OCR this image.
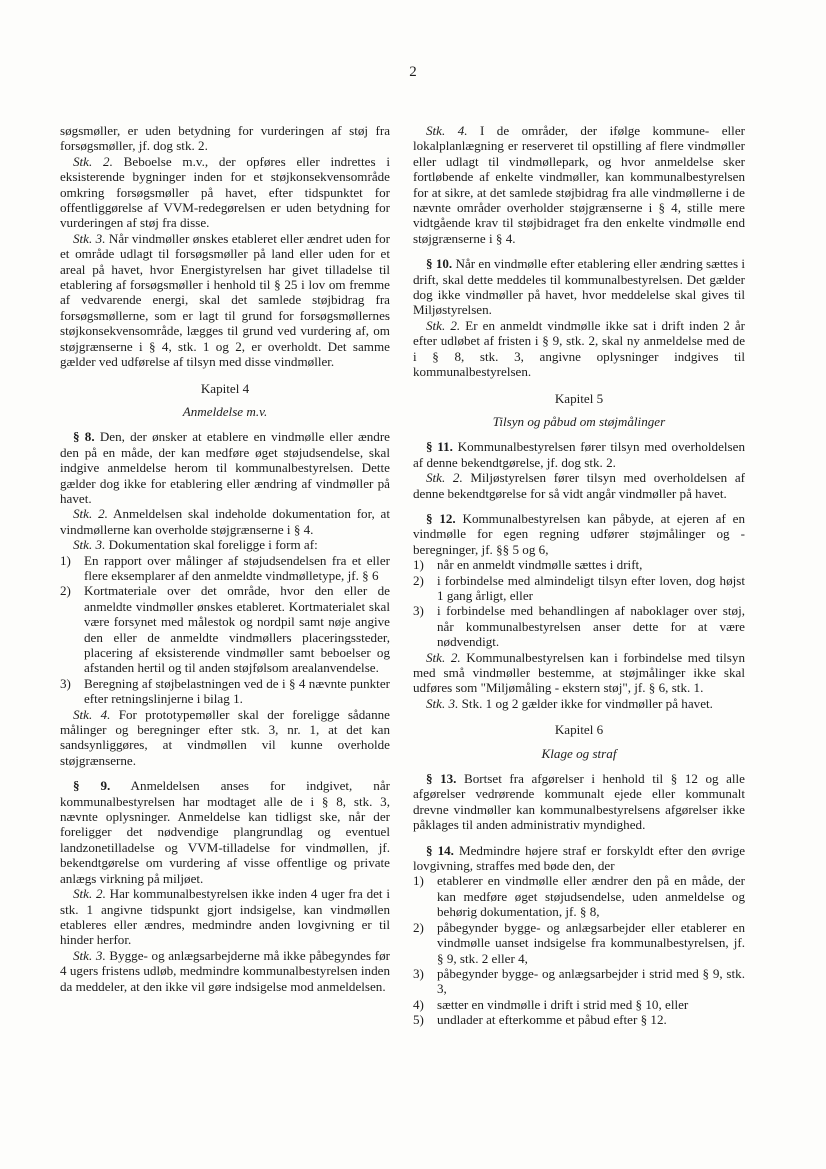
2

søgsmøller, er uden betydning for vurderingen af støj fra forsøgsmøller, jf. dog stk. 2.

Stk. 2. Beboelse m.v., der opføres eller indrettes i eksisterende bygninger inden for et støjkonsekvensområde omkring forsøgsmøller på havet, efter tidspunktet for offentliggørelse af VVM-redegørelsen er uden betydning for vurderingen af støj fra disse.

Stk. 3. Når vindmøller ønskes etableret eller ændret uden for et område udlagt til forsøgsmøller på land eller uden for et areal på havet, hvor Energistyrelsen har givet tilladelse til etablering af forsøgsmøller i henhold til § 25 i lov om fremme af vedvarende energi, skal det samlede støjbidrag fra forsøgsmøllerne, som er lagt til grund for forsøgsmøllernes støjkonsekvensområde, lægges til grund ved vurdering af, om støjgrænserne i § 4, stk. 1 og 2, er overholdt. Det samme gælder ved udførelse af tilsyn med disse vindmøller.

Kapitel 4

Anmeldelse m.v.

§ 8. Den, der ønsker at etablere en vindmølle eller ændre den på en måde, der kan medføre øget støjudsendelse, skal indgive anmeldelse herom til kommunalbestyrelsen. Dette gælder dog ikke for etablering eller ændring af vindmøller på havet.

Stk. 2. Anmeldelsen skal indeholde dokumentation for, at vindmøllerne kan overholde støjgrænserne i § 4.

Stk. 3. Dokumentation skal foreligge i form af:

1) En rapport over målinger af støjudsendelsen fra et eller flere eksemplarer af den anmeldte vindmølletype, jf. § 6
2) Kortmateriale over det område, hvor den eller de anmeldte vindmøller ønskes etableret. Kortmaterialet skal være forsynet med målestok og nordpil samt nøje angive den eller de anmeldte vindmøllers placeringssteder, placering af eksisterende vindmøller samt beboelser og afstanden hertil og til anden støjfølsom arealanvendelse.
3) Beregning af støjbelastningen ved de i § 4 nævnte punkter efter retningslinjerne i bilag 1.

Stk. 4. For prototypemøller skal der foreligge sådanne målinger og beregninger efter stk. 3, nr. 1, at det kan sandsynliggøres, at vindmøllen vil kunne overholde støjgrænserne.

§ 9. Anmeldelsen anses for indgivet, når kommunalbestyrelsen har modtaget alle de i § 8, stk. 3, nævnte oplysninger. Anmeldelse kan tidligst ske, når der foreligger det nødvendige plangrundlag og eventuel landzonetilladelse og VVM-tilladelse for vindmøllen, jf. bekendtgørelse om vurdering af visse offentlige og private anlægs virkning på miljøet.

Stk. 2. Har kommunalbestyrelsen ikke inden 4 uger fra det i stk. 1 angivne tidspunkt gjort indsigelse, kan vindmøllen etableres eller ændres, medmindre anden lovgivning er til hinder herfor.

Stk. 3. Bygge- og anlægsarbejderne må ikke påbegyndes før 4 ugers fristens udløb, medmindre kommunalbestyrelsen inden da meddeler, at den ikke vil gøre indsigelse mod anmeldelsen.

Stk. 4. I de områder, der ifølge kommune- eller lokalplanlægning er reserveret til opstilling af flere vindmøller eller udlagt til vindmøllepark, og hvor anmeldelse sker fortløbende af enkelte vindmøller, kan kommunalbestyrelsen for at sikre, at det samlede støjbidrag fra alle vindmøllerne i de nævnte områder overholder støjgrænserne i § 4, stille mere vidtgående krav til støjbidraget fra den enkelte vindmølle end støjgrænserne i § 4.

§ 10. Når en vindmølle efter etablering eller ændring sættes i drift, skal dette meddeles til kommunalbestyrelsen. Det gælder dog ikke vindmøller på havet, hvor meddelelse skal gives til Miljøstyrelsen.

Stk. 2. Er en anmeldt vindmølle ikke sat i drift inden 2 år efter udløbet af fristen i § 9, stk. 2, skal ny anmeldelse med de i § 8, stk. 3, angivne oplysninger indgives til kommunalbestyrelsen.

Kapitel 5

Tilsyn og påbud om støjmålinger

§ 11. Kommunalbestyrelsen fører tilsyn med overholdelsen af denne bekendtgørelse, jf. dog stk. 2.

Stk. 2. Miljøstyrelsen fører tilsyn med overholdelsen af denne bekendtgørelse for så vidt angår vindmøller på havet.

§ 12. Kommunalbestyrelsen kan påbyde, at ejeren af en vindmølle for egen regning udfører støjmålinger og -beregninger, jf. §§ 5 og 6,

1) når en anmeldt vindmølle sættes i drift,
2) i forbindelse med almindeligt tilsyn efter loven, dog højst 1 gang årligt, eller
3) i forbindelse med behandlingen af naboklager over støj, når kommunalbestyrelsen anser dette for at være nødvendigt.

Stk. 2. Kommunalbestyrelsen kan i forbindelse med tilsyn med små vindmøller bestemme, at støjmålinger ikke skal udføres som "Miljømåling - ekstern støj", jf. § 6, stk. 1.

Stk. 3. Stk. 1 og 2 gælder ikke for vindmøller på havet.

Kapitel 6

Klage og straf

§ 13. Bortset fra afgørelser i henhold til § 12 og alle afgørelser vedrørende kommunalt ejede eller kommunalt drevne vindmøller kan kommunalbestyrelsens afgørelser ikke påklages til anden administrativ myndighed.

§ 14. Medmindre højere straf er forskyldt efter den øvrige lovgivning, straffes med bøde den, der

1) etablerer en vindmølle eller ændrer den på en måde, der kan medføre øget støjudsendelse, uden anmeldelse og behørig dokumentation, jf. § 8,
2) påbegynder bygge- og anlægsarbejder eller etablerer en vindmølle uanset indsigelse fra kommunalbestyrelsen, jf. § 9, stk. 2 eller 4,
3) påbegynder bygge- og anlægsarbejder i strid med § 9, stk. 3,
4) sætter en vindmølle i drift i strid med § 10, eller
5) undlader at efterkomme et påbud efter § 12.
